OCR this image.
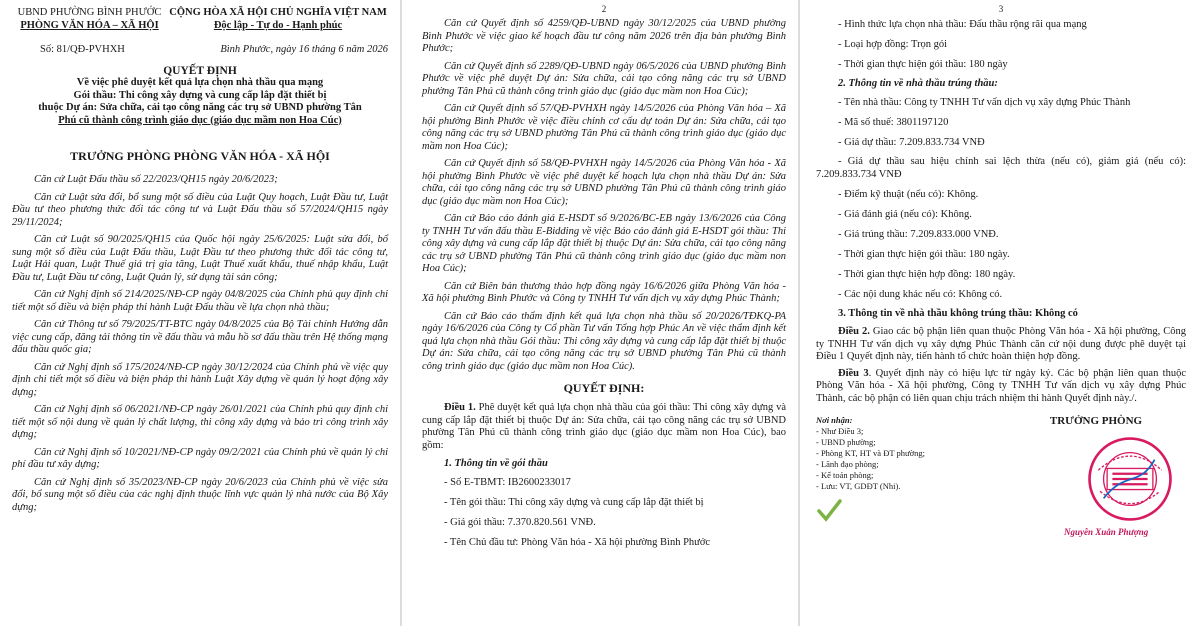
UBND PHƯỜNG BÌNH PHƯỚC
PHÒNG VĂN HÓA – XÃ HỘI
CỘNG HÒA XÃ HỘI CHỦ NGHĨA VIỆT NAM
Độc lập - Tự do - Hạnh phúc
Số: 81/QĐ-PVHXH	Bình Phước, ngày 16 tháng 6 năm 2026
QUYẾT ĐỊNH
Về việc phê duyệt kết quả lựa chọn nhà thầu qua mạng
Gói thầu: Thi công xây dựng và cung cấp lắp đặt thiết bị
thuộc Dự án: Sửa chữa, cải tạo công năng các trụ sở UBND phường Tân
Phú cũ thành công trình giáo dục (giáo dục mầm non Hoa Cúc)
TRƯỞNG PHÒNG PHÒNG VĂN HÓA - XÃ HỘI

Căn cứ Luật Đấu thầu số 22/2023/QH15 ngày 20/6/2023;

Căn cứ Luật sửa đổi, bổ sung một số điều của Luật Quy hoạch, Luật Đầu tư, Luật Đầu tư theo phương thức đối tác công tư và Luật Đấu thầu số 57/2024/QH15 ngày 29/11/2024;

Căn cứ Luật số 90/2025/QH15 của Quốc hội ngày 25/6/2025: Luật sửa đổi, bổ sung một số điều của Luật Đấu thầu, Luật Đầu tư theo phương thức đối tác công tư, Luật Hải quan, Luật Thuế giá trị gia tăng, Luật Thuế xuất khẩu, thuế nhập khẩu, Luật Đầu tư, Luật Đầu tư công, Luật Quản lý, sử dụng tài sản công;

Căn cứ Nghị định số 214/2025/NĐ-CP ngày 04/8/2025 của Chính phủ quy định chi tiết một số điều và biện pháp thi hành Luật Đấu thầu về lựa chọn nhà thầu;

Căn cứ Thông tư số 79/2025/TT-BTC ngày 04/8/2025 của Bộ Tài chính Hướng dẫn việc cung cấp, đăng tải thông tin về đấu thầu và mẫu hồ sơ đấu thầu trên Hệ thống mạng đấu thầu quốc gia;

Căn cứ Nghị định số 175/2024/NĐ-CP ngày 30/12/2024 của Chính phủ về việc quy định chi tiết một số điều và biện pháp thi hành Luật Xây dựng về quản lý hoạt động xây dựng;

Căn cứ Nghị định số 06/2021/NĐ-CP ngày 26/01/2021 của Chính phủ quy định chi tiết một số nội dung về quản lý chất lượng, thi công xây dựng và bảo trì công trình xây dựng;

Căn cứ Nghị định số 10/2021/NĐ-CP ngày 09/2/2021 của Chính phủ về quản lý chi phí đầu tư xây dựng;

Căn cứ Nghị định số 35/2023/NĐ-CP ngày 20/6/2023 của Chính phủ về việc sửa đổi, bổ sung một số điều của các nghị định thuộc lĩnh vực quản lý nhà nước của Bộ Xây dựng;

2

Căn cứ Quyết định số 4259/QĐ-UBND ngày 30/12/2025 của UBND phường Bình Phước về việc giao kế hoạch đầu tư công năm 2026 trên địa bàn phường Bình Phước;

Căn cứ Quyết định số 2289/QĐ-UBND ngày 06/5/2026 của UBND phường Bình Phước về việc phê duyệt Dự án: Sửa chữa, cải tạo công năng các trụ sở UBND phường Tân Phú cũ thành công trình giáo dục (giáo dục mầm non Hoa Cúc);

Căn cứ Quyết định số 57/QĐ-PVHXH ngày 14/5/2026 của Phòng Văn hóa – Xã hội phường Bình Phước về việc điều chỉnh cơ cấu dự toán Dự án: Sửa chữa, cải tạo công năng các trụ sở UBND phường Tân Phú cũ thành công trình giáo dục (giáo dục mầm non Hoa Cúc);

Căn cứ Quyết định số 58/QĐ-PVHXH ngày 14/5/2026 của Phòng Văn hóa - Xã hội phường Bình Phước về việc phê duyệt kế hoạch lựa chọn nhà thầu Dự án: Sửa chữa, cải tạo công năng các trụ sở UBND phường Tân Phú cũ thành công trình giáo dục (giáo dục mầm non Hoa Cúc);

Căn cứ Báo cáo đánh giá E-HSDT số 9/2026/BC-EB ngày 13/6/2026 của Công ty TNHH Tư vấn đấu thầu E-Bidding về việc Báo cáo đánh giá E-HSDT gói thầu: Thi công xây dựng và cung cấp lắp đặt thiết bị thuộc Dự án: Sửa chữa, cải tạo công năng các trụ sở UBND phường Tân Phú cũ thành công trình giáo dục (giáo dục mầm non Hoa Cúc);

Căn cứ Biên bản thương thảo hợp đồng ngày 16/6/2026 giữa Phòng Văn hóa - Xã hội phường Bình Phước và Công ty TNHH Tư vấn dịch vụ xây dựng Phúc Thành;

Căn cứ Báo cáo thẩm định kết quả lựa chọn nhà thầu số 20/2026/TĐKQ-PA ngày 16/6/2026 của Công ty Cổ phần Tư vấn Tổng hợp Phúc An về việc thẩm định kết quả lựa chọn nhà thầu Gói thầu: Thi công xây dựng và cung cấp lắp đặt thiết bị thuộc Dự án: Sửa chữa, cải tạo công năng các trụ sở UBND phường Tân Phú cũ thành công trình giáo dục (giáo dục mầm non Hoa Cúc).

QUYẾT ĐỊNH:

Điều 1. Phê duyệt kết quả lựa chọn nhà thầu của gói thầu: Thi công xây dựng và cung cấp lắp đặt thiết bị thuộc Dự án: Sửa chữa, cải tạo công năng các trụ sở UBND phường Tân Phú cũ thành công trình giáo dục (giáo dục mầm non Hoa Cúc), bao gồm:

1. Thông tin về gói thầu
- Số E-TBMT: IB2600233017
- Tên gói thầu: Thi công xây dựng và cung cấp lắp đặt thiết bị
- Giá gói thầu: 7.370.820.561 VNĐ.
- Tên Chủ đầu tư: Phòng Văn hóa - Xã hội phường Bình Phước
3
- Hình thức lựa chọn nhà thầu: Đấu thầu rộng rãi qua mạng
- Loại hợp đồng: Trọn gói
- Thời gian thực hiện gói thầu: 180 ngày
2. Thông tin về nhà thầu trúng thầu:
- Tên nhà thầu: Công ty TNHH Tư vấn dịch vụ xây dựng Phúc Thành
- Mã số thuế: 3801197120
- Giá dự thầu: 7.209.833.734 VNĐ
- Giá dự thầu sau hiệu chỉnh sai lệch thừa (nếu có), giảm giá (nếu có): 7.209.833.734 VNĐ
- Điểm kỹ thuật (nếu có): Không.
- Giá đánh giá (nếu có): Không.
- Giá trúng thầu: 7.209.833.000 VNĐ.
- Thời gian thực hiện gói thầu: 180 ngày.
- Thời gian thực hiện hợp đồng: 180 ngày.
- Các nội dung khác nếu có: Không có.
3. Thông tin về nhà thầu không trúng thầu: Không có

Điều 2. Giao các bộ phận liên quan thuộc Phòng Văn hóa - Xã hội phường, Công ty TNHH Tư vấn dịch vụ xây dựng Phúc Thành căn cứ nội dung được phê duyệt tại Điều 1 Quyết định này, tiến hành tổ chức hoàn thiện hợp đồng.

Điều 3. Quyết định này có hiệu lực từ ngày ký. Các bộ phận liên quan thuộc Phòng Văn hóa - Xã hội phường, Công ty TNHH Tư vấn dịch vụ xây dựng Phúc Thành, các bộ phận có liên quan chịu trách nhiệm thi hành Quyết định này./.

Nơi nhận:
- Như Điều 3;
- UBND phường;
- Phòng KT, HT và ĐT phường;
- Lãnh đạo phòng;
- Kế toán phòng;
- Lưu: VT, GDĐT (Nhi).
TRƯỞNG PHÒNG
Nguyễn Xuân Phượng
